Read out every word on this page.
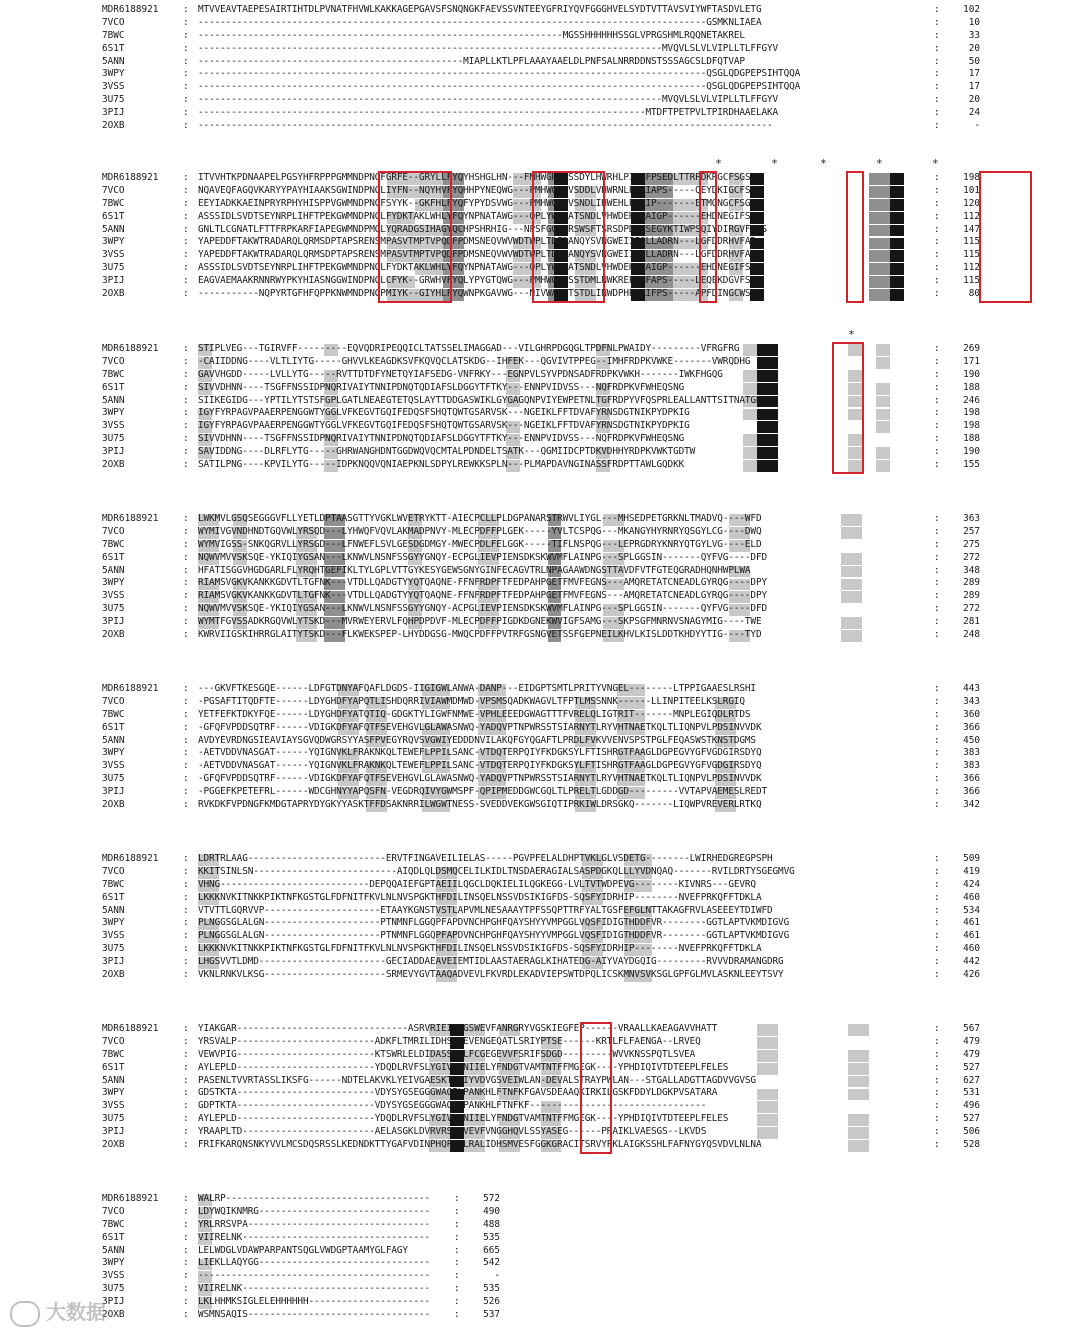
MDR6188921	: MTVVEAVTAEPESAIRTIHTDLPVNATFHVWLKAKKAGEPGAVSFSNQNGKFAEVSSVNTEEYGFRIYQVFGGGHVELSYDTVTTAVSVIYWFTASDVLETG	102
:
7VCO	: --------------------------------------------------------------------------------------------GSMKNLIAEA	10
:
7BWC	: ------------------------------------------------------------------MGSSHHHHHHSSGLVPRGSHMLRQQNETAKREL	33
:
6S1T	: ------------------------------------------------------------------------------------MVQVLSLVLVIPLLTLFFGYV	20
:
5ANN	: ------------------------------------------------MIAPLLKTLPFLAAAYAAELDLPNFSALNRRDDNSTSSSAGCSLDFQTVAP	50
:
3WPY	: --------------------------------------------------------------------------------------------QSGLQDGPEPSIHTQQA	17
:
3VSS	: --------------------------------------------------------------------------------------------QSGLQDGPEPSIHTQQA	17
:
3U75	: ------------------------------------------------------------------------------------MVQVLSLVLVIPLLTLFFGYV	20
:
3PIJ	: ---------------------------------------------------------------------------------MTDFTPETPVLTPIRDHAAELAKA	24
:
2OXB	: --------------------------------------------------------------------------------------------------------	-
:
MDR6188921	: ITVVHTKPDNAAPELPGSYHFRPPPGMMNDPNGFGRFE--GRYLLFYQYHSHGLHN---FMHWGHAVSSDYLHWRHLPIFLFPSEDLTTRPDKRGCFSGS	198
:
7VCO	: NQAVEQFAGQVKARYYPAYHIAAKSGWINDPNGLIYFN--NQYHVFYQHHPYNEQWG---PMHWGHVVSDDLVHWRNLPIAIAPS-----QEYDKIGCFSGS	101
:
7BWC	: EEYIADKKAEINPRYRPHYHISPPVGWMNDPNGFSYYK--GKFHLFYQFYPYDSVWG---PMHWGHVVSNDLIHWEHLPTAIP-------ETMGNGCFSGS	120
:
6S1T	: ASSSIDLSVDTSEYNRPLIHFTPEKGWMNDPNGLFYDKTAKLWHLYFQYNPNATAWG---QPLYWGHATSNDLVHWDEHEIAIGP------EHDNEGIFSGS	112
:
5ANN	: GNLTLCGNATLFTTFRPKARFIAPEGWMNDPMGLYQRADGSIHAGYQCHPSHRHIG---NPSFGQAARSWSFTSRSDPDNGSEGYKTIWPSQIYDIRGVFDGS	147
:
3WPY	: YAPEDDFTAKWTRADARQLQRMSDPTAPSRENSMPASVTMPTVPQDFPDMSNEQVWVWDTWPLTDEDANQYSVNGWEIIFSLLADRN---LGFDDRHVFAR	115
:
3VSS	: YAPEDDFTAKWTRADARQLQRMSDPTAPSRENSMPASVTMPTVPQDFPDMSNEQVWVWDTWPLTDEDANQYSVNGWEIIFSLLADRN---LGFDDRHVFAR	115
:
3U75	: ASSSIDLSVDTSEYNRPLIHFTPEKGWMNDPNGLFYDKTAKLWHLYFQYNPNATAWG---QPLYWGHATSNDLVHWDEHEIAIGP------EHDNEGIFSGS	112
:
3PIJ	: EAGVAEMAAKRNNRWYPKYHIASNGGWINDPNGLCFYK--GRWHVFYQLYPYGTQWG---PMHWGHVSSTDMLNWKREPIMFAPS-----LEQEKDGVFSGS	115
:
2OXB	: -----------NQPYRTGFHFQPPKNWMNDPNGPMIYK--GIYHLFYQWNPKGAVWG---NIVWAHSTSTDLINWDPHPPAIFPS-----APFDINGCWSGS	80
:
MDR6188921	: STIPLVEG---TGIRVFF---------EQVQDRIPEQQICLTATSSELIMAGGAD---VILGHRPDGQGLTPDFNLPWAIDY---------VFRGFRG	269
:
7VCO	: -CAIIDDNG----VLTLIYTG-----GHVVLKEAGDKSVFKQVQCLATSKDG--IHFEK---QGVIVTPPEG--IMHFRDPKVWKE-------VWRQDHG	171
:
7BWC	: GAVVHGDD-----LVLLYTG-----RVTTDTDFYNETQYIAFSEDG-VNFRKY---EGNPVLSYVPDNSADFRDPKVWKH-------IWKFHGQG	190
:
6S1T	: SIVVDHNN----TSGFFNSSIDPNQRIVAIYTNNIPDNQTQDIAFSLDGGYTFTKY---ENNPVIDVSS---NQFRDPKVFWHEQSNG	188
:
5ANN	: SIIKEGIDG---YPTILYTSTSFGPLGATLNEAEGTETQSLAYTTDDGASWIKLGYGAGQNPVIYEWPETNLTGFRDPYVFQSPRLEALLANTTSITNATGD	246
:
3WPY	: IGYFYRPAGVPAAERPENGGWTYGGLVFKEGVTGQIFEDQSFSHQTQWTGSARVSK---NGEIKLFFTDVAFYRNSDGTNIKPYDPKIG	198
:
3VSS	: IGYFYRPAGVPAAERPENGGWTYGGLVFKEGVTGQIFEDQSFSHQTQWTGSARVSK---NGEIKLFFTDVAFYRNSDGTNIKPYDPKIG	198
:
3U75	: SIVVDHNN----TSGFFNSSIDPNQRIVAIYTNNIPDNQTQDIAFSLDGGYTFTKY---ENNPVIDVSS---NQFRDPKVFWHEQSNG	188
:
3PIJ	: SAVIDDNG----DLRFLYTG-----GHRWANGHDNTGGDWQVQCMTALPDNDELTSATK---QGMIIDCPTDKVDHHYRDPKVWKTGDTW	190
:
2OXB	: SATILPNG----KPVILYTG-----IDPKNQQVQNIAEPKNLSDPYLREWKKSPLN---PLMAPDAVNGINASSFRDPTTAWLGQDKK	155
:
MDR6188921	: LWKMVLGSQSEGGGVFLLYETLDPTAASGTTYVGKLWVETRYKTT-AIECPCLLPLDGPANARSTRWVLIYGL---MHSEDPETGRKNLTMADVQ----WFD	363
:
7VCO	: WYMIVGVNDHNDTGQVWLYRSQD---LYHWQFVQVLAKMADPNVY-MLECPDFFPLGEK-----YVLTCSPQG---MKANGYHYRNRYQSGYLCG----DWQ	257
:
7BWC	: WYMVIGSS-SNKQGRVLLYRSGD---LFNWEFLSVLGESDGDMGY-MWECPDLFELGGK-----TIFLNSPQG---LEPRGDRYKNRYQTGYLVG----ELD	275
:
6S1T	: NQWVMVVSKSQE-YKIQIYGSAN---LKNWVLNSNFSSGYYGNQY-ECPGLIEVPIENSDKSKWVMFLAINPG---SPLGGSIN-------QYFVG----DFD	272
:
5ANN	: HFATISGGVHGDGARLFLYRQHTGEFIKLTYLGPLVTTGYKESYGEWSGNYGINFECAGVTRLNPAGAAWDNGSTTAVDFVTFGTEQGRADHQNHWPLWA	348
:
3WPY	: RIAMSVGKVKANKKGDVTLTGFNK---VTDLLQADGTYYQTQAQNE-FFNFRDPFTFEDPAHPGETFMVFEGNS---AMQRETATCNEADLGYRQG----DPY	289
:
3VSS	: RIAMSVGKVKANKKGDVTLTGFNK---VTDLLQADGTYYQTQAQNE-FFNFRDPFTFEDPAHPGETFMVFEGNS---AMQRETATCNEADLGYRQG----DPY	289
:
3U75	: NQWVMVVSKSQE-YKIQIYGSAN---LKNWVLNSNFSSGYYGNQY-ACPGLIEVPIENSDKSKWVMFLAINPG---SPLGGSIN-------QYFVG----DFD	272
:
3PIJ	: WYMTFGVSSADKRGQVWLYTSKD---MVRWEYERVLFQHPDPDVF-MLECPDFFPIGDKDGNEKWVIGFSAMG---SKPSGFMNRNVSNAGYMIG----TWE	281
:
2OXB	: KWRVIIGSKIHRRGLAITYTSKD---FLKWEKSPEP-LHYDDGSG-MWQCPDFFPVTRFGSNGVETSSFGEPNEILKHVLKISLDDTKHDYYTIG----TYD	248
:
MDR6188921	: ---GKVFTKESGQE------LDFGTDNYAFQAFLDGDS-IIGIGWLANWA-DANP---EIDGPTSMTLPRITYVNGEL--------LTPPIGAAESLRSHI	443
:
7VCO	: -PGSAFTITQDFTE------LDYGHDFYAPQTLISHDQRRIVIAWMDMWD-VPSMSQADKWAGVLTFPTLMSSNNK------LLINPITEELKSLRGIQ	343
:
7BWC	: YETFEFKTDKYFQE------LDYGHDFYATQTIQ-GDGKTYLIGWFNMWE-VPHLEEEDGWAGTTTFVRELQLIGTRIT-------MNPLEGIQDLRTDS	360
:
6S1T	: -GFQFVPDDSQTRF------VDIGKDFYAFQTFSEVEHGVLGLAWASNWQ-YADQVPTNPWRSSTSIARNYTLRYVHTNAETKQLTLIQNPVLPDSINVVDK	366
:
5ANN	: AVDYEVRDNGSIEAVIAYSGVQDWGRSYYASFPVEGYRQVSVGWIYEDDDNVILAKQFGYQGAFTLPRDLFVKVVENVSPSTPGLFEQASWSTKNSTDGMS	450
:
3WPY	: -AETVDDVNASGAT------YQIGNVKLFRAKNKQLTEWEFLPPILSANC-VTDQTERPQIYFKDGKSYLFTISHRGTFAAGLDGPEGVYGFVGDGIRSDYQ	383
:
3VSS	: -AETVDDVNASGAT------YQIGNVKLFRAKNKQLTEWEFLPPILSANC-VTDQTERPQIYFKDGKSYLFTISHRGTFAAGLDGPEGVYGFVGDGIRSDYQ	383
:
3U75	: -GFQFVPDDSQTRF------VDIGKDFYAFQTFSEVEHGVLGLAWASNWQ-YADQVPTNPWRSSTSIARNYTLRYVHTNAETKQLTLIQNPVLPDSINVVDK	366
:
3PIJ	: -PGGEFKPETEFRL------WDCGHNYYAPQSFN-VEGDRQIVYGWMSPF-QPIPMEDDGWCGQLTLPRELTLGDDGD---------VVTAPVAEMESLREDT	366
:
2OXB	: RVKDKFVPDNGFKMDGTAPRYDYGKYYASKTFFDSAKNRRILWGWTNESS-SVEDDVEKGWSGIQTIPRKIWLDRSGKQ-------LIQWPVREVERLRTKQ	342
:
MDR6188921	: LDRTRLAAG-------------------------ERVTFINGAVEILIELAS-----PGVPFELALDHPTVKLGLVSDETG--------LWIRHEDGREGPSPH	509
:
7VCO	: KKITSINLSN--------------------------AIQDLQLDSMQCELILKIDLTNSDAERAGIALSASPDGKQLLLYVDNQAQ-------RVILDRTYSGEGMVG	419
:
7BWC	: VHNG---------------------------DEPQQAIEFGPTAEIILQGCLDQKIELILQGKEGG-LVLTVTWDPEVG--------KIVNRS---GEVRQ	424
:
6S1T	: LKKKNVKITNKKPIKTNFKGSTGLFDFNITFKVLNLNVSPGKTHFDILINSQELNSSVDSIKIGFDS-SQSFYIDRHIP--------NVEFPRKQFFTDKLA	460
:
5ANN	: VTVTTLGQRVVP---------------------ETAAYKGNSTVSTLAPVMLNESAAAYTPFSSQPTTRFYALTGSFEFGLNTTAKAGFRVLASEEEYTDIWFD	534
:
3WPY	: PLNGGSGLALGN---------------------PTNMNFLGGQPFAPDVNCHPGHFQAYSHYYVMPGGLVQSFIDIGTHDDFVR--------GGTLAPTVKMDIGVG	461
:
3VSS	: PLNGGSGLALGN---------------------PTNMNFLGGQPFAPDVNCHPGHFQAYSHYYVMPGGLVQSFIDIGTHDDFVR--------GGTLAPTVKMDIGVG	461
:
3U75	: LKKKNVKITNKKPIKTNFKGSTGLFDFNITFKVLNLNVSPGKTHFDILINSQELNSSVDSIKIGFDS-SQSFYIDRHIP--------NVEFPRKQFFTDKLA	460
:
3PIJ	: LHGSVVTLDMD-----------------------GECIADDAEAVEIEMTIDLAASTAERAGLKIHATEDG-AIYVAYDGQIG---------RVVVDRAMANGDRG	442
:
2OXB	: VKNLRNKVLKSG----------------------SRMEVYGVTAAQADVEVLFKVRDLEKADVIEPSWTDPQLICSKMNVSVKSGLGPFGLMVLASKNLEEYTSVY	426
:
MDR6188921	: YIAKGAR-------------------------------ASRVRIEIDYGSWEVFANRGRYVGSKIEGFEP------VRAALLKAEAGAVVHATT	567
:
7VCO	: YRSVALP-------------------------ADKFLTMRILIDHSAVEVENGEQATLSRIYPTSE------KRTLFLFAENGA--LRVEQ	479
:
7BWC	: VEWVPIG-------------------------KTSWRLELDIDASSVELFCGEGEVVFSRIFSDGD---------WVVKNSSPQTLSVEA	479
:
6S1T	: AYLEPLD-------------------------YDQDLRVFSLYGIVDKNIIELYFNDGTVAMTNTFFMGEGK----YPHDIQIVTDTEEPLFELES	527
:
5ANN	: PASENLTVVRTASSLIKSFG------NDTELAKVKLYEIVGAESKTLNIYVDVGSVEIWLAN-DEVALSTRAYPWLAN---STGALLADGTTAGDVVGVSG	627
:
3WPY	: GDSTKTA-------------------------VDYSYGSEGGGWAGILPANKHLFTNFKFGAVSDEAAQKIRKILGSKFDDYLDGKPVSATARA	531
:
3VSS	: GDPTKTA-------------------------VDYSYGSEGGGWAGILPANKHLFTNFKF--------------------------------	496
:
3U75	: AYLEPLD-------------------------YDQDLRVFSLYGIVDKNIIELYFNDGTVAMTNTFFMGEGK----YPHDIQIVTDTEEPLFELES	527
:
3PIJ	: YRAAPLTD------------------------AELASGKLDVRVRSSTVEVFVNGGHQVLSSYASEG------PRAIKLVAESGS--LKVDS	506
:
2OXB	: FRIFKARQNSNKYVVLMCSDQSRSSLKEDNDKTTYGAFVDINPHQPLSLRALIDHSMVESFGGKGRACITSRVYPKLAIGKSSHLFAFNYGYQSVDVLNLNA	528
:
MDR6188921	: WALRP-------------------------------------	572
:
7VCO	: LDYWQIKNMRG-------------------------------	490
:
7BWC	: YRLRRSVPA---------------------------------	488
:
6S1T	: VIIRELNK----------------------------------	535
:
5ANN	: LELWDGLVDAWPARPANTSQGLVWDGPTAAMYGLFAGY	665
:
3WPY	: LIEKLLAQYGG-------------------------------	542
:
3VSS	: ------------------------------------------	-
:
3U75	: VIIRELNK----------------------------------	535
:
3PIJ	: LKLHHMKSIGLELEHHHHHH----------------------	526
:
2OXB	: WSMNSAQIS---------------------------------	537
:
大数据
*	*	*	*	*
*
